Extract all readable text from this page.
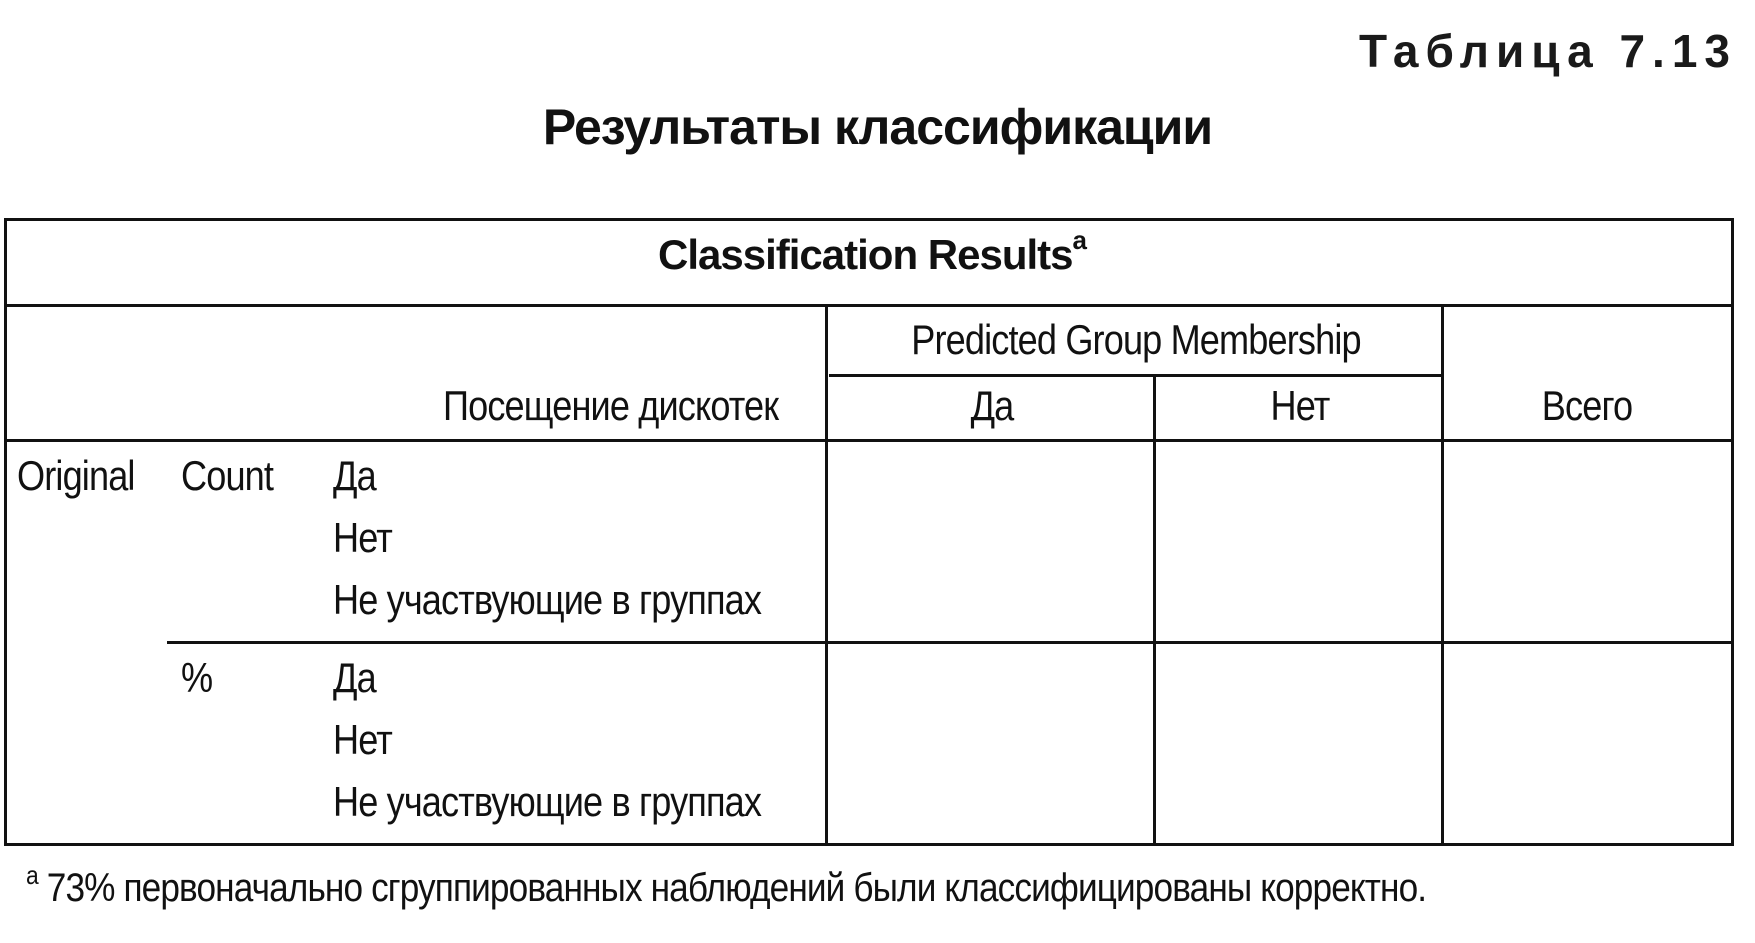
Таблица 7.13
Результаты классификации
Classification Results$^a$
Predicted Group Membership
Посещение дискотек	Да	Нет	Всего
Original Count Да
Нет
Не участвующие в группах
%	Да
Нет
Не участвующие в группах
$^a$ 73% первоначально сгруппированных наблюдений были классифицированы корректно.
